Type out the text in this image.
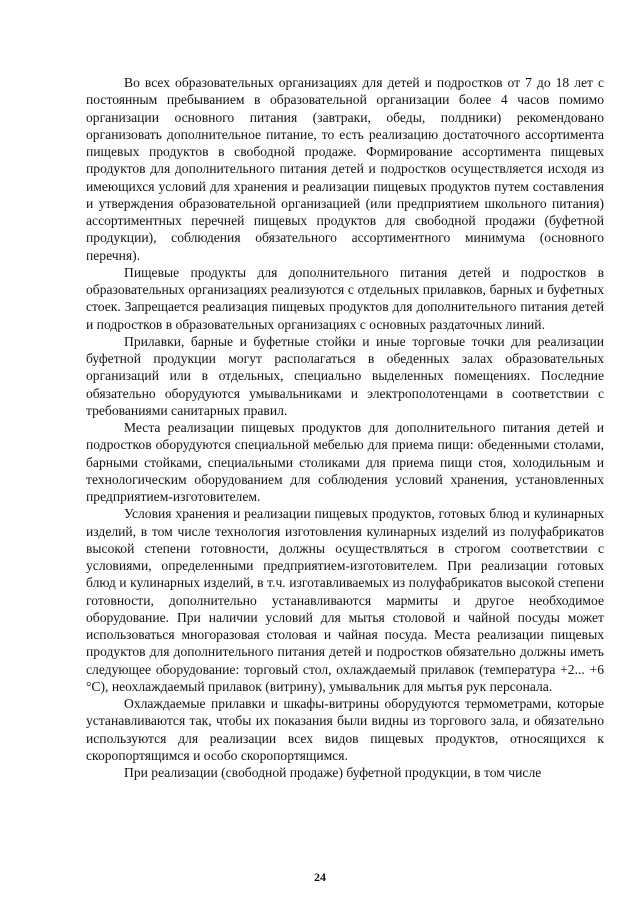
Во всех образовательных организациях для детей и подростков от 7 до 18 лет с постоянным пребыванием в образовательной организации более 4 часов помимо организации основного питания (завтраки, обеды, полдники) рекомендовано организовать дополнительное питание, то есть реализацию достаточного ассортимента пищевых продуктов в свободной продаже. Формирование ассортимента пищевых продуктов для дополнительного питания детей и подростков осуществляется исходя из имеющихся условий для хранения и реализации пищевых продуктов путем составления и утверждения образовательной организацией (или предприятием школьного питания) ассортиментных перечней пищевых продуктов для свободной продажи (буфетной продукции), соблюдения обязательного ассортиментного минимума (основного перечня).

Пищевые продукты для дополнительного питания детей и подростков в образовательных организациях реализуются с отдельных прилавков, барных и буфетных стоек. Запрещается реализация пищевых продуктов для дополнительного питания детей и подростков в образовательных организациях с основных раздаточных линий.

Прилавки, барные и буфетные стойки и иные торговые точки для реализации буфетной продукции могут располагаться в обеденных залах образовательных организаций или в отдельных, специально выделенных помещениях. Последние обязательно оборудуются умывальниками и электрополотенцами в соответствии с требованиями санитарных правил.

Места реализации пищевых продуктов для дополнительного питания детей и подростков оборудуются специальной мебелью для приема пищи: обеденными столами, барными стойками, специальными столиками для приема пищи стоя, холодильным и технологическим оборудованием для соблюдения условий хранения, установленных предприятием-изготовителем.

Условия хранения и реализации пищевых продуктов, готовых блюд и кулинарных изделий, в том числе технология изготовления кулинарных изделий из полуфабрикатов высокой степени готовности, должны осуществляться в строгом соответствии с условиями, определенными предприятием-изготовителем. При реализации готовых блюд и кулинарных изделий, в т.ч. изготавливаемых из полуфабрикатов высокой степени готовности, дополнительно устанавливаются мармиты и другое необходимое оборудование. При наличии условий для мытья столовой и чайной посуды может использоваться многоразовая столовая и чайная посуда. Места реализации пищевых продуктов для дополнительного питания детей и подростков обязательно должны иметь следующее оборудование: торговый стол, охлаждаемый прилавок (температура +2... +6 °С), неохлаждаемый прилавок (витрину), умывальник для мытья рук персонала.

Охлаждаемые прилавки и шкафы-витрины оборудуются термометрами, которые устанавливаются так, чтобы их показания были видны из торгового зала, и обязательно используются для реализации всех видов пищевых продуктов, относящихся к скоропортящимся и особо скоропортящимся.

При реализации (свободной продаже) буфетной продукции, в том числе

24
